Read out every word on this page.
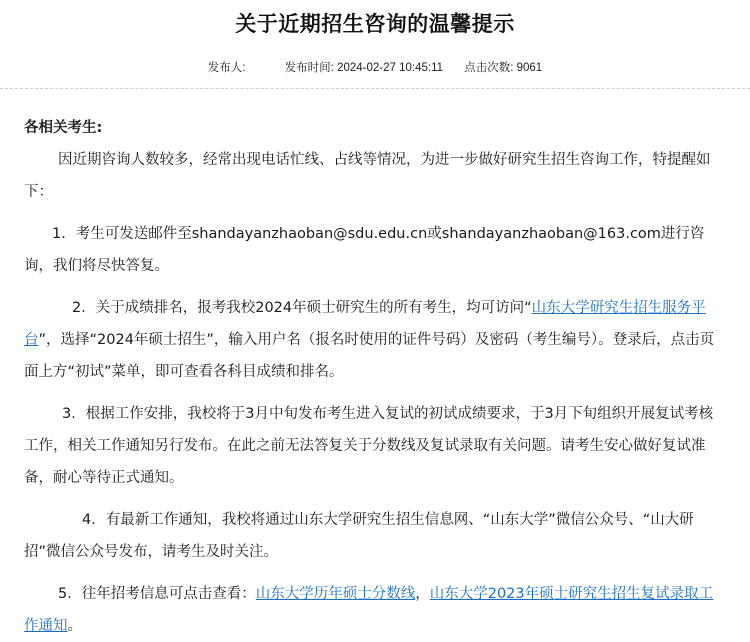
关于近期招生咨询的温馨提示
发布人:	发布时间: 2024-02-27 10:45:11 点击次数: 9061

各相关考生:

因近期咨询人数较多，经常出现电话忙线、占线等情况，为进一步做好研究生招生咨询工作，特提醒如下：

1．考生可发送邮件至shandayanzhaoban@sdu.edu.cn或shandayanzhaoban@163.com进行咨询，我们将尽快答复。

2．关于成绩排名，报考我校2024年硕士研究生的所有考生，均可访问“山东大学研究生招生服务平台”，选择“2024年硕士招生”，输入用户名（报名时使用的证件号码）及密码（考生编号）。登录后，点击页面上方“初试”菜单，即可查看各科目成绩和排名。

3．根据工作安排，我校将于3月中旬发布考生进入复试的初试成绩要求，于3月下旬组织开展复试考核工作，相关工作通知另行发布。在此之前无法答复关于分数线及复试录取有关问题。请考生安心做好复试准备，耐心等待正式通知。

4．有最新工作通知，我校将通过山东大学研究生招生信息网、“山东大学”微信公众号、“山大研招”微信公众号发布，请考生及时关注。

5．往年招考信息可点击查看：山东大学历年硕士分数线，山东大学2023年硕士研究生招生复试录取工作通知。
